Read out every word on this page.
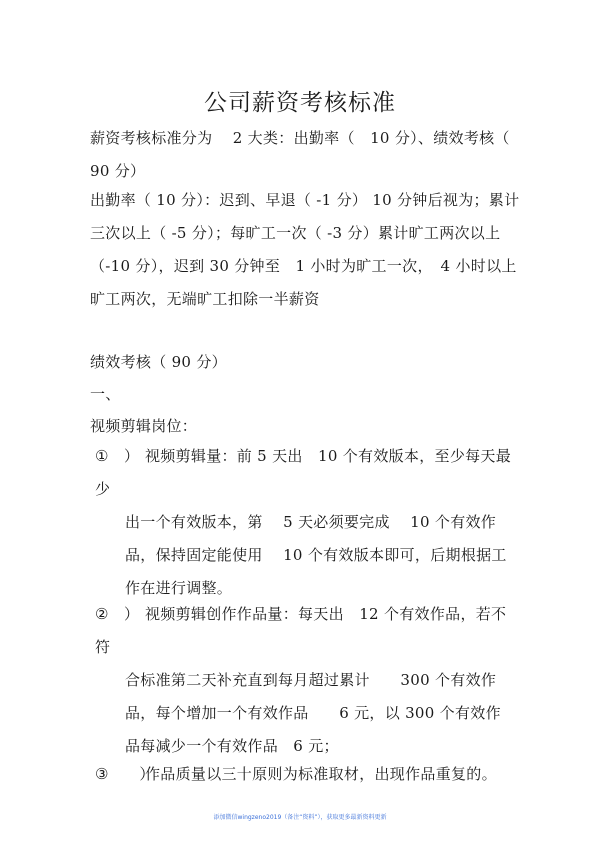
公司薪资考核标准
薪资考核标准分为　 2 大类：出勤率（　10 分）、绩效考核（　90 分）
出勤率（ 10 分）：迟到、早退（ -1 分） 10 分钟后视为；累计三次以上（ -5 分）；每旷工一次（ -3 分）累计旷工两次以上（-10 分），迟到 30 分钟至　1 小时为旷工一次，　4 小时以上旷工两次，无端旷工扣除一半薪资
绩效考核（ 90 分）
一、
视频剪辑岗位：
①　） 视频剪辑量：前 5 天出　10 个有效版本，至少每天最少
出一个有效版本，第　 5 天必须要完成　 10 个有效作品，保持固定能使用　 10 个有效版本即可，后期根据工作在进行调整。
②　） 视频剪辑创作作品量：每天出　12 个有效作品，若不符
合标准第二天补充直到每月超过累计　　300 个有效作品，每个增加一个有效作品　　6 元，以 300 个有效作品每减少一个有效作品　6 元；
③　　）作品质量以三十原则为标准取材，出现作品重复的。
添加微信wingzeno2019（备注“资料”），获取更多最新资料更新
